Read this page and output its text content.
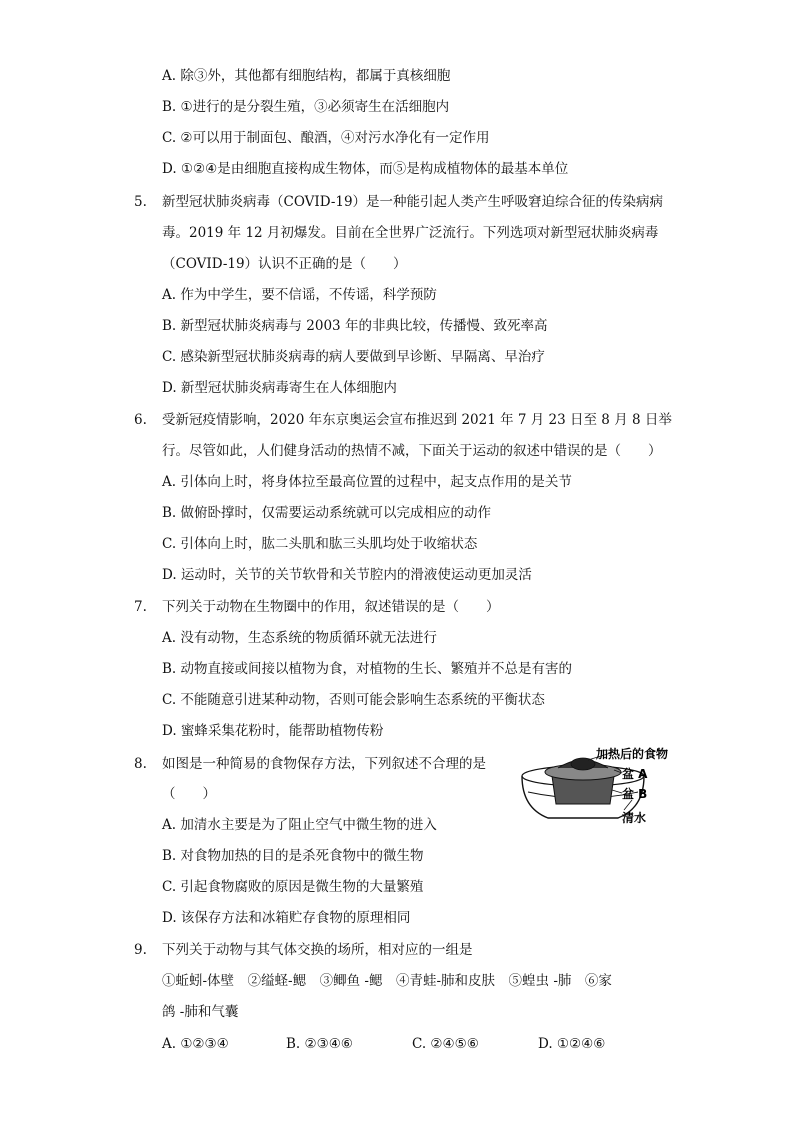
A. 除③外，其他都有细胞结构，都属于真核细胞
B. ①进行的是分裂生殖，③必须寄生在活细胞内
C. ②可以用于制面包、酿酒，④对污水净化有一定作用
D. ①②④是由细胞直接构成生物体，而⑤是构成植物体的最基本单位
5. 新型冠状肺炎病毒（COVID-19）是一种能引起人类产生呼吸窘迫综合征的传染病病
毒。2019 年 12 月初爆发。目前在全世界广泛流行。下列选项对新型冠状肺炎病毒
（COVID-19）认识不正确的是（　　）
A. 作为中学生，要不信谣，不传谣，科学预防
B. 新型冠状肺炎病毒与 2003 年的非典比较，传播慢、致死率高
C. 感染新型冠状肺炎病毒的病人要做到早诊断、早隔离、早治疗
D. 新型冠状肺炎病毒寄生在人体细胞内
6. 受新冠疫情影响，2020 年东京奥运会宣布推迟到 2021 年 7 月 23 日至 8 月 8 日举
行。尽管如此，人们健身活动的热情不减，下面关于运动的叙述中错误的是（　　）
A. 引体向上时，将身体拉至最高位置的过程中，起支点作用的是关节
B. 做俯卧撑时，仅需要运动系统就可以完成相应的动作
C. 引体向上时，肱二头肌和肱三头肌均处于收缩状态
D. 运动时，关节的关节软骨和关节腔内的滑液使运动更加灵活
7. 下列关于动物在生物圈中的作用，叙述错误的是（　　）
A. 没有动物，生态系统的物质循环就无法进行
B. 动物直接或间接以植物为食，对植物的生长、繁殖并不总是有害的
C. 不能随意引进某种动物，否则可能会影响生态系统的平衡状态
D. 蜜蜂采集花粉时，能帮助植物传粉
8. 如图是一种简易的食物保存方法，下列叙述不合理的是
（　　）
A. 加清水主要是为了阻止空气中微生物的进入
B. 对食物加热的目的是杀死食物中的微生物
C. 引起食物腐败的原因是微生物的大量繁殖
D. 该保存方法和冰箱贮存食物的原理相同
加热后的食物
盆 A
盆 B
清水
9. 下列关于动物与其气体交换的场所，相对应的一组是
①蚯蚓-体壁　②缢蛏-鳃　③鲫鱼 -鳃　④青蛙-肺和皮肤　⑤蝗虫 -肺　⑥家
鸽 -肺和气囊
A. ①②③④	B. ②③④⑥	C. ②④⑤⑥	D. ①②④⑥
